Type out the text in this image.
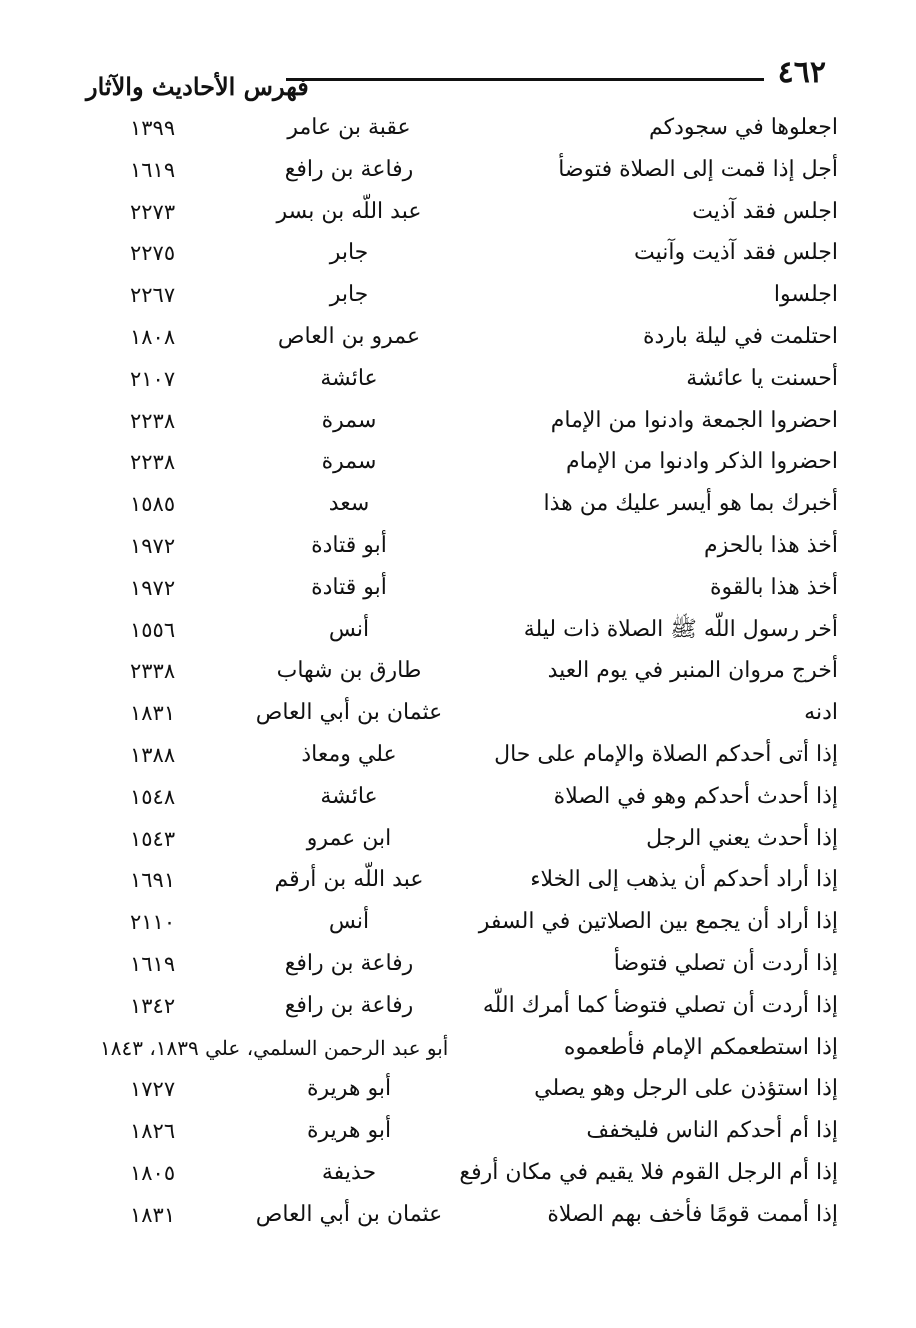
٤٦٢
فهرس الأحاديث والآثار
اجعلوها في سجودكم
عقبة بن عامر
١٣٩٩
أجل إذا قمت إلى الصلاة فتوضأ
رفاعة بن رافع
١٦١٩
اجلس فقد آذيت
عبد اللّه بن بسر
٢٢٧٣
اجلس فقد آذيت وآنيت
جابر
٢٢٧٥
اجلسوا
جابر
٢٢٦٧
احتلمت في ليلة باردة
عمرو بن العاص
١٨٠٨
أحسنت يا عائشة
عائشة
٢١٠٧
احضروا الجمعة وادنوا من الإمام
سمرة
٢٢٣٨
احضروا الذكر وادنوا من الإمام
سمرة
٢٢٣٨
أخبرك بما هو أيسر عليك من هذا
سعد
١٥٨٥
أخذ هذا بالحزم
أبو قتادة
١٩٧٢
أخذ هذا بالقوة
أبو قتادة
١٩٧٢
أخر رسول اللّه ﷺ الصلاة ذات ليلة
أنس
١٥٥٦
أخرج مروان المنبر في يوم العيد
طارق بن شهاب
٢٣٣٨
ادنه
عثمان بن أبي العاص
١٨٣١
إذا أتى أحدكم الصلاة والإمام على حال
علي ومعاذ
١٣٨٨
إذا أحدث أحدكم وهو في الصلاة
عائشة
١٥٤٨
إذا أحدث يعني الرجل
ابن عمرو
١٥٤٣
إذا أراد أحدكم أن يذهب إلى الخلاء
عبد اللّه بن أرقم
١٦٩١
إذا أراد أن يجمع بين الصلاتين في السفر
أنس
٢١١٠
إذا أردت أن تصلي فتوضأ
رفاعة بن رافع
١٦١٩
إذا أردت أن تصلي فتوضأ كما أمرك اللّه
رفاعة بن رافع
١٣٤٢
إذا استطعمكم الإمام فأطعموه
أبو عبد الرحمن السلمي، علي ١٨٣٩، ١٨٤٣
إذا استؤذن على الرجل وهو يصلي
أبو هريرة
١٧٢٧
إذا أم أحدكم الناس فليخفف
أبو هريرة
١٨٢٦
إذا أم الرجل القوم فلا يقيم في مكان أرفع
حذيفة
١٨٠٥
إذا أممت قومًا فأخف بهم الصلاة
عثمان بن أبي العاص
١٨٣١
